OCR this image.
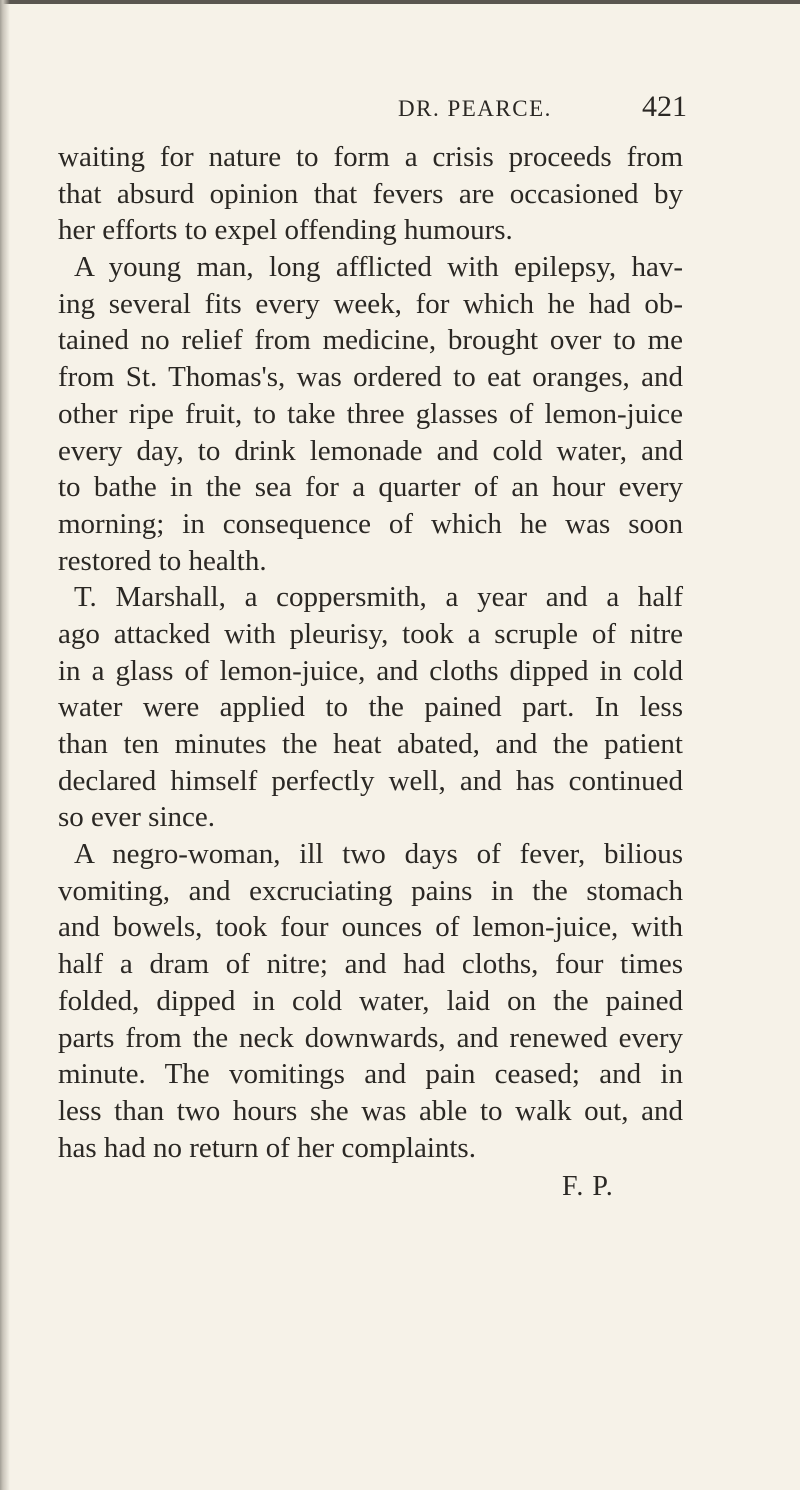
DR. PEARCE.	421
waiting for nature to form a crisis proceeds from
that absurd opinion that fevers are occasioned by
her efforts to expel offending humours.
A young man, long afflicted with epilepsy, hav-
ing several fits every week, for which he had ob-
tained no relief from medicine, brought over to me
from St. Thomas's, was ordered to eat oranges, and
other ripe fruit, to take three glasses of lemon-juice
every day, to drink lemonade and cold water, and
to bathe in the sea for a quarter of an hour every
morning; in consequence of which he was soon
restored to health.
T. Marshall, a coppersmith, a year and a half
ago attacked with pleurisy, took a scruple of nitre
in a glass of lemon-juice, and cloths dipped in cold
water were applied to the pained part. In less
than ten minutes the heat abated, and the patient
declared himself perfectly well, and has continued
so ever since.
A negro-woman, ill two days of fever, bilious
vomiting, and excruciating pains in the stomach
and bowels, took four ounces of lemon-juice, with
half a dram of nitre; and had cloths, four times
folded, dipped in cold water, laid on the pained
parts from the neck downwards, and renewed every
minute. The vomitings and pain ceased; and in
less than two hours she was able to walk out, and
has had no return of her complaints.
F. P.
